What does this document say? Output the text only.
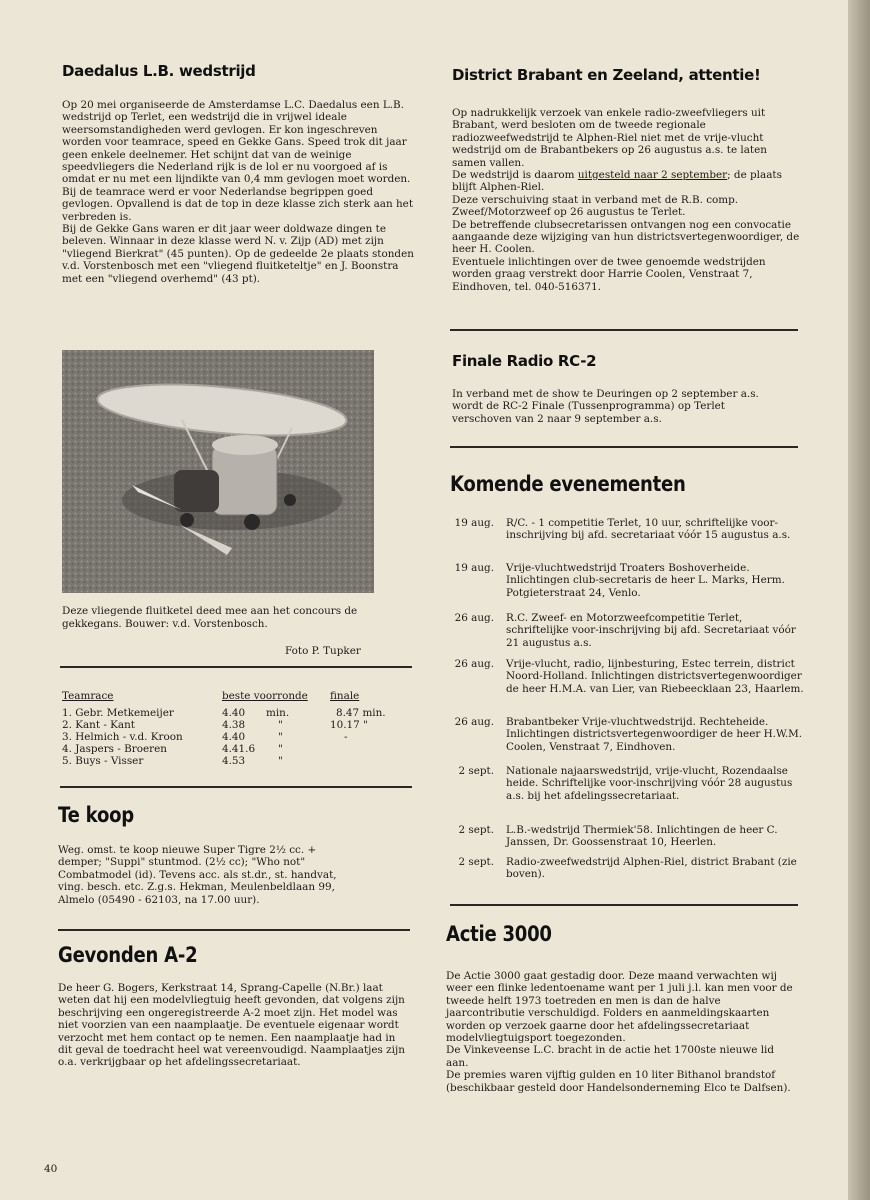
Daedalus L.B. wedstrijd

Op 20 mei organiseerde de Amsterdamse L.C. Daedalus een L.B. wedstrijd op Terlet, een wedstrijd die in vrijwel ideale weersomstandigheden werd gevlogen. Er kon ingeschreven worden voor teamrace, speed en Gekke Gans. Speed trok dit jaar geen enkele deelnemer. Het schijnt dat van de weinige speedvliegers die Nederland rijk is de lol er nu voorgoed af is omdat er nu met een lijndikte van 0,4 mm gevlogen moet worden.
Bij de teamrace werd er voor Nederlandse begrippen goed gevlogen. Opvallend is dat de top in deze klasse zich sterk aan het verbreden is.
Bij de Gekke Gans waren er dit jaar weer doldwaze dingen te beleven. Winnaar in deze klasse werd N. v. Zijp (AD) met zijn "vliegend Bierkrat" (45 punten). Op de gedeelde 2e plaats stonden v.d. Vorstenbosch met een "vliegend fluitketeltje" en J. Boonstra met een "vliegend overhemd" (43 pt).

Deze vliegende fluitketel deed mee aan het concours de gekkegans. Bouwer: v.d. Vorstenbosch.

Foto P. Tupker

Teamrace	beste voorronde		finale

1. Gebr. Metkemeijer	4.40	min.	8.47 min.
2. Kant - Kant	4.38	"	10.17 "
3. Helmich - v.d. Kroon	4.40	"	-
4. Jaspers - Broeren	4.41.6	"	
5. Buys - Visser	4.53	"	
Te koop

Weg. omst. te koop nieuwe Super Tigre 2½ cc. + demper; "Suppi" stuntmod. (2½ cc); "Who not" Combatmodel (id). Tevens acc. als st.dr., st. handvat, ving. besch. etc. Z.g.s. Hekman, Meulenbeldlaan 99, Almelo (05490 - 62103, na 17.00 uur).

Gevonden A-2

De heer G. Bogers, Kerkstraat 14, Sprang-Capelle (N.Br.) laat weten dat hij een modelvliegtuig heeft gevonden, dat volgens zijn beschrijving een ongeregistreerde A-2 moet zijn. Het model was niet voorzien van een naamplaatje. De eventuele eigenaar wordt verzocht met hem contact op te nemen. Een naamplaatje had in dit geval de toedracht heel wat vereenvoudigd. Naamplaatjes zijn o.a. verkrijgbaar op het afdelingssecretariaat.

40
District Brabant en Zeeland, attentie!

Op nadrukkelijk verzoek van enkele radio-zweefvliegers uit Brabant, werd besloten om de tweede regionale radiozweefwedstrijd te Alphen-Riel niet met de vrije-vlucht wedstrijd om de Brabantbekers op 26 augustus a.s. te laten samen vallen.
De wedstrijd is daarom uitgesteld naar 2 september; de plaats blijft Alphen-Riel.
Deze verschuiving staat in verband met de R.B. comp. Zweef/Motorzweef op 26 augustus te Terlet.
De betreffende clubsecretarissen ontvangen nog een convocatie aangaande deze wijziging van hun districtsvertegenwoordiger, de heer H. Coolen.
Eventuele inlichtingen over de twee genoemde wedstrijden worden graag verstrekt door Harrie Coolen, Venstraat 7, Eindhoven, tel. 040-516371.

Finale Radio RC-2

In verband met de show te Deuringen op 2 september a.s. wordt de RC-2 Finale (Tussenprogramma) op Terlet verschoven van 2 naar 9 september a.s.

Komende evenementen
19 aug. R/C. - 1 competitie Terlet, 10 uur, schriftelijke voor-inschrijving bij afd. secretariaat vóór 15 augustus a.s.
19 aug. Vrije-vluchtwedstrijd Troaters Boshoverheide. Inlichtingen club-secretaris de heer L. Marks, Herm. Potgieterstraat 24, Venlo.
26 aug. R.C. Zweef- en Motorzweefcompetitie Terlet, schriftelijke voor-inschrijving bij afd. Secretariaat vóór 21 augustus a.s.
26 aug. Vrije-vlucht, radio, lijnbesturing, Estec terrein, district Noord-Holland. Inlichtingen districtsvertegenwoordiger de heer H.M.A. van Lier, van Riebeecklaan 23, Haarlem.
26 aug. Brabantbeker Vrije-vluchtwedstrijd. Rechteheide. Inlichtingen districtsvertegenwoordiger de heer H.W.M. Coolen, Venstraat 7, Eindhoven.
2 sept. Nationale najaarswedstrijd, vrije-vlucht, Rozendaalse heide. Schriftelijke voor-inschrijving vóór 28 augustus a.s. bij het afdelingssecretariaat.
2 sept. L.B.-wedstrijd Thermiek'58. Inlichtingen de heer C. Janssen, Dr. Goossenstraat 10, Heerlen.
2 sept. Radio-zweefwedstrijd Alphen-Riel, district Brabant (zie boven).
Actie 3000

De Actie 3000 gaat gestadig door. Deze maand verwachten wij weer een flinke ledentoename want per 1 juli j.l. kan men voor de tweede helft 1973 toetreden en men is dan de halve jaarcontributie verschuldigd. Folders en aanmeldingskaarten worden op verzoek gaarne door het afdelingssecretariaat modelvliegtuigsport toegezonden.
De Vinkeveense L.C. bracht in de actie het 1700ste nieuwe lid aan.
De premies waren vijftig gulden en 10 liter Bithanol brandstof (beschikbaar gesteld door Handelsonderneming Elco te Dalfsen).
